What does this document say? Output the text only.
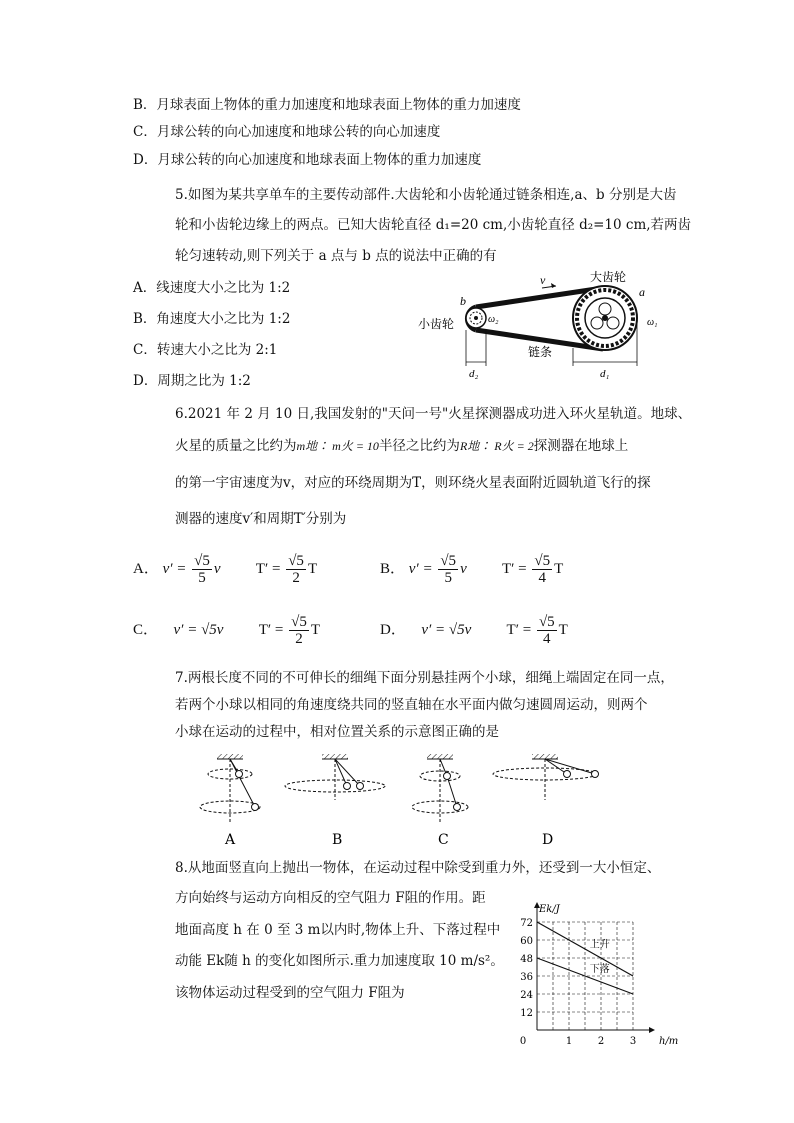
B．月球表面上物体的重力加速度和地球表面上物体的重力加速度
C．月球公转的向心加速度和地球公转的向心加速度
D．月球公转的向心加速度和地球表面上物体的重力加速度
5.如图为某共享单车的主要传动部件.大齿轮和小齿轮通过链条相连,a、b 分别是大齿
轮和小齿轮边缘上的两点。已知大齿轮直径 d₁=20 cm,小齿轮直径 d₂=10 cm,若两齿
轮匀速转动,则下列关于 a 点与 b 点的说法中正确的有
A．线速度大小之比为 1:2
B．角速度大小之比为 1:2
C．转速大小之比为 2:1
D．周期之比为 1:2
v	大齿轮
a
ω₁
b
ω₂
小齿轮
链条
d₂	d₁
6.2021 年 2 月 10 日,我国发射的"天问一号"火星探测器成功进入环火星轨道。地球、
火星的质量之比约为m地∶ m火 = 10半径之比约为R地∶ R火 = 2探测器在地球上
的第一宇宙速度为v，对应的环绕周期为T，则环绕火星表面附近圆轨道飞行的探
测器的速度v′和周期T′分别为
A． $v' = \frac{√5}{5}$ v $T' = \frac{√5}{2}$ T	B． $v' = \frac{√5}{5}$ v $T' = \frac{√5}{4}$ T
C． v′ = √5v $T' = \frac{√5}{2}$ T	D． v′ = √5v $T' = \frac{√5}{4}$ T
7.两根长度不同的不可伸长的细绳下面分别悬挂两个小球，细绳上端固定在同一点，
若两个小球以相同的角速度绕共同的竖直轴在水平面内做匀速圆周运动，则两个
小球在运动的过程中，相对位置关系的示意图正确的是
A	B	C	D
8.从地面竖直向上抛出一物体，在运动过程中除受到重力外，还受到一大小恒定、
方向始终与运动方向相反的空气阻力 F阻的作用。距
地面高度 h 在 0 至 3 m以内时,物体上升、下落过程中
动能 Ek随 h 的变化如图所示.重力加速度取 10 m/s²。
该物体运动过程受到的空气阻力 F阻为
12
24
36
48
60
72
1	2	3
0	h/m
Ek/J
上升
下落
